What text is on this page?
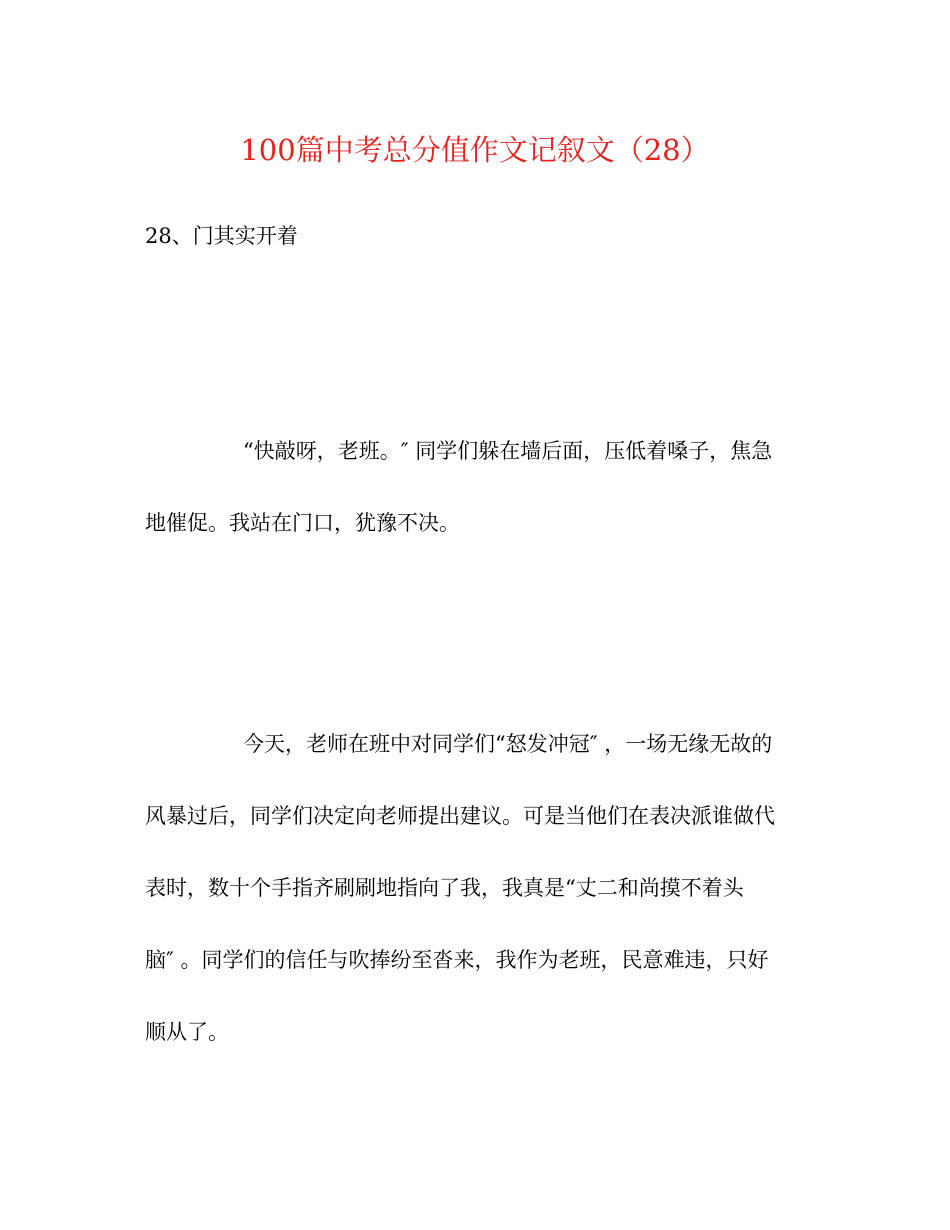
100篇中考总分值作文记叙文（28）
28、门其实开着
“快敲呀，老班。″ 同学们躲在墙后面，压低着嗓子，焦急
地催促。我站在门口，犹豫不决。
今天，老师在班中对同学们“怒发冲冠″ ，一场无缘无故的
风暴过后，同学们决定向老师提出建议。可是当他们在表决派谁做代
表时，数十个手指齐刷刷地指向了我，我真是“丈二和尚摸不着头
脑″ 。同学们的信任与吹捧纷至沓来，我作为老班，民意难违，只好
顺从了。
